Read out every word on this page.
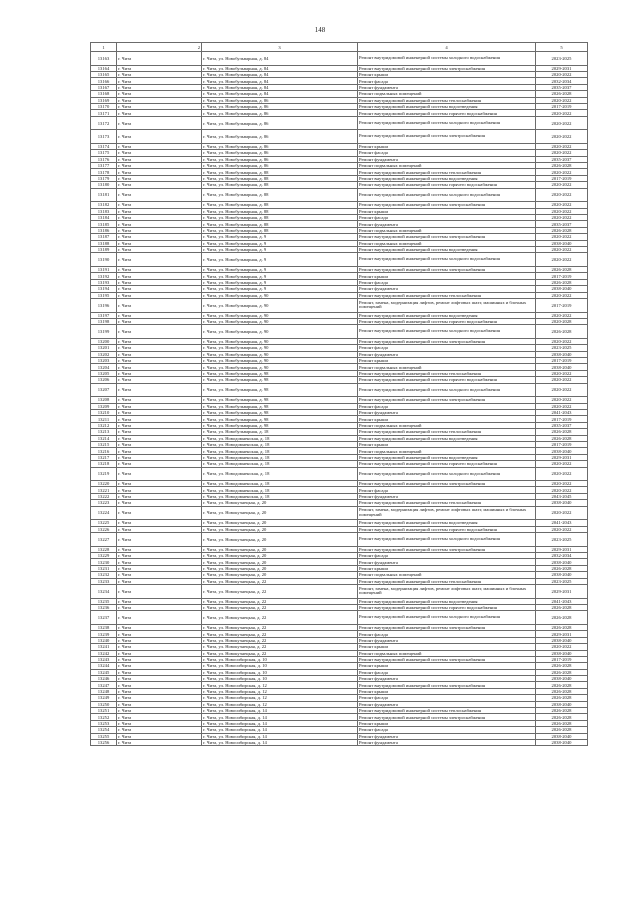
148
1	2	3	4	5
13163	г. Чита	г. Чита, ул. Новобульварная, д. 84	Ремонт внутридомовой инженерной системы холодного водоснабжения	2023-2025
13164	г. Чита	г. Чита, ул. Новобульварная, д. 84	Ремонт внутридомовой инженерной системы электроснабжения	2029-2031
13165	г. Чита	г. Чита, ул. Новобульварная, д. 84	Ремонт крыши	2020-2022
13166	г. Чита	г. Чита, ул. Новобульварная, д. 84	Ремонт фасада	2032-2034
13167	г. Чита	г. Чита, ул. Новобульварная, д. 84	Ремонт фундамента	2035-2037
13168	г. Чита	г. Чита, ул. Новобульварная, д. 84	Ремонт подвальных помещений	2026-2028
13169	г. Чита	г. Чита, ул. Новобульварная, д. 86	Ремонт внутридомовой инженерной системы теплоснабжения	2020-2022
13170	г. Чита	г. Чита, ул. Новобульварная, д. 86	Ремонт внутридомовой инженерной системы водоотведения	2017-2019
13171	г. Чита	г. Чита, ул. Новобульварная, д. 86	Ремонт внутридомовой инженерной системы горячего водоснабжения	2020-2022
13172	г. Чита	г. Чита, ул. Новобульварная, д. 86	Ремонт внутридомовой инженерной системы холодного водоснабжения	2020-2022
13173	г. Чита	г. Чита, ул. Новобульварная, д. 86	Ремонт внутридомовой инженерной системы электроснабжения	2020-2022
13174	г. Чита	г. Чита, ул. Новобульварная, д. 86	Ремонт крыши	2020-2022
13175	г. Чита	г. Чита, ул. Новобульварная, д. 86	Ремонт фасада	2020-2022
13176	г. Чита	г. Чита, ул. Новобульварная, д. 86	Ремонт фундамента	2035-2037
13177	г. Чита	г. Чита, ул. Новобульварная, д. 86	Ремонт подвальных помещений	2026-2028
13178	г. Чита	г. Чита, ул. Новобульварная, д. 88	Ремонт внутридомовой инженерной системы теплоснабжения	2020-2022
13179	г. Чита	г. Чита, ул. Новобульварная, д. 88	Ремонт внутридомовой инженерной системы водоотведения	2017-2019
13180	г. Чита	г. Чита, ул. Новобульварная, д. 88	Ремонт внутридомовой инженерной системы горячего водоснабжения	2020-2022
13181	г. Чита	г. Чита, ул. Новобульварная, д. 88	Ремонт внутридомовой инженерной системы холодного водоснабжения	2020-2022
13182	г. Чита	г. Чита, ул. Новобульварная, д. 88	Ремонт внутридомовой инженерной системы электроснабжения	2020-2022
13183	г. Чита	г. Чита, ул. Новобульварная, д. 88	Ремонт крыши	2020-2022
13184	г. Чита	г. Чита, ул. Новобульварная, д. 88	Ремонт фасада	2020-2022
13185	г. Чита	г. Чита, ул. Новобульварная, д. 88	Ремонт фундамента	2035-2037
13186	г. Чита	г. Чита, ул. Новобульварная, д. 88	Ремонт подвальных помещений	2026-2028
13187	г. Чита	г. Чита, ул. Новобульварная, д. 9	Ремонт внутридомовой инженерной системы электроснабжения	2020-2022
13188	г. Чита	г. Чита, ул. Новобульварная, д. 9	Ремонт подвальных помещений	2038-2040
13189	г. Чита	г. Чита, ул. Новобульварная, д. 9	Ремонт внутридомовой инженерной системы водоотведения	2020-2022
13190	г. Чита	г. Чита, ул. Новобульварная, д. 9	Ремонт внутридомовой инженерной системы холодного водоснабжения	2020-2022
13191	г. Чита	г. Чита, ул. Новобульварная, д. 9	Ремонт внутридомовой инженерной системы электроснабжения	2026-2028
13192	г. Чита	г. Чита, ул. Новобульварная, д. 9	Ремонт крыши	2017-2019
13193	г. Чита	г. Чита, ул. Новобульварная, д. 9	Ремонт фасада	2026-2028
13194	г. Чита	г. Чита, ул. Новобульварная, д. 9	Ремонт фундамента	2038-2040
13195	г. Чита	г. Чита, ул. Новобульварная, д. 90	Ремонт внутридомовой инженерной системы теплоснабжения	2020-2022
13196	г. Чита	г. Чита, ул. Новобульварная, д. 90	Ремонт, замена, модернизация лифтов, ремонт лифтовых шахт, машинных и блочных помещений	2017-2019
13197	г. Чита	г. Чита, ул. Новобульварная, д. 90	Ремонт внутридомовой инженерной системы водоотведения	2020-2022
13198	г. Чита	г. Чита, ул. Новобульварная, д. 90	Ремонт внутридомовой инженерной системы горячего водоснабжения	2020-2028
13199	г. Чита	г. Чита, ул. Новобульварная, д. 90	Ремонт внутридомовой инженерной системы холодного водоснабжения	2026-2028
13200	г. Чита	г. Чита, ул. Новобульварная, д. 90	Ремонт внутридомовой инженерной системы электроснабжения	2020-2022
13201	г. Чита	г. Чита, ул. Новобульварная, д. 90	Ремонт фасада	2023-2025
13202	г. Чита	г. Чита, ул. Новобульварная, д. 90	Ремонт фундамента	2038-2040
13203	г. Чита	г. Чита, ул. Новобульварная, д. 90	Ремонт крыши	2017-2019
13204	г. Чита	г. Чита, ул. Новобульварная, д. 90	Ремонт подвальных помещений	2038-2040
13205	г. Чита	г. Чита, ул. Новобульварная, д. 98	Ремонт внутридомовой инженерной системы теплоснабжения	2020-2022
13206	г. Чита	г. Чита, ул. Новобульварная, д. 98	Ремонт внутридомовой инженерной системы горячего водоснабжения	2020-2022
13207	г. Чита	г. Чита, ул. Новобульварная, д. 98	Ремонт внутридомовой инженерной системы холодного водоснабжения	2020-2022
13208	г. Чита	г. Чита, ул. Новобульварная, д. 98	Ремонт внутридомовой инженерной системы электроснабжения	2020-2022
13209	г. Чита	г. Чита, ул. Новобульварная, д. 98	Ремонт фасада	2020-2022
13210	г. Чита	г. Чита, ул. Новобульварная, д. 98	Ремонт фундамента	2041-2043
13211	г. Чита	г. Чита, ул. Новобульварная, д. 98	Ремонт крыши	2017-2019
13212	г. Чита	г. Чита, ул. Новобульварная, д. 98	Ремонт подвальных помещений	2035-2037
13213	г. Чита	г. Чита, ул. Новобульварная, д. 18	Ремонт внутридомовой инженерной системы теплоснабжения	2026-2028
13214	г. Чита	г. Чита, ул. Новодомненская, д. 18	Ремонт внутридомовой инженерной системы водоотведения	2026-2028
13215	г. Чита	г. Чита, ул. Новодомненская, д. 18	Ремонт крыши	2017-2019
13216	г. Чита	г. Чита, ул. Новодомненская, д. 18	Ремонт подвальных помещений	2038-2040
13217	г. Чита	г. Чита, ул. Новодомненская, д. 18	Ремонт внутридомовой инженерной системы водоотведения	2029-2031
13218	г. Чита	г. Чита, ул. Новодомненская, д. 18	Ремонт внутридомовой инженерной системы горячего водоснабжения	2020-2022
13219	г. Чита	г. Чита, ул. Новодомненская, д. 18	Ремонт внутридомовой инженерной системы холодного водоснабжения	2020-2022
13220	г. Чита	г. Чита, ул. Новодомненская, д. 18	Ремонт внутридомовой инженерной системы электроснабжения	2020-2022
13221	г. Чита	г. Чита, ул. Новодомненская, д. 18	Ремонт фасада	2020-2022
13222	г. Чита	г. Чита, ул. Новодомненская, д. 18	Ремонт фундамента	2043-2045
13223	г. Чита	г. Чита, ул. Новокузнецкая, д. 20	Ремонт внутридомовой инженерной системы теплоснабжения	2038-2040
13224	г. Чита	г. Чита, ул. Новокузнецкая, д. 20	Ремонт, замена, модернизация лифтов, ремонт лифтовых шахт, машинных и блочных помещений	2020-2022
13225	г. Чита	г. Чита, ул. Новокузнецкая, д. 20	Ремонт внутридомовой инженерной системы водоотведения	2041-2043
13226	г. Чита	г. Чита, ул. Новокузнецкая, д. 20	Ремонт внутридомовой инженерной системы горячего водоснабжения	2020-2022
13227	г. Чита	г. Чита, ул. Новокузнецкая, д. 20	Ремонт внутридомовой инженерной системы холодного водоснабжения	2023-2025
13228	г. Чита	г. Чита, ул. Новокузнецкая, д. 20	Ремонт внутридомовой инженерной системы электроснабжения	2029-2031
13229	г. Чита	г. Чита, ул. Новокузнецкая, д. 20	Ремонт фасада	2032-2034
13230	г. Чита	г. Чита, ул. Новокузнецкая, д. 20	Ремонт фундамента	2038-2040
13231	г. Чита	г. Чита, ул. Новокузнецкая, д. 20	Ремонт крыши	2026-2028
13232	г. Чита	г. Чита, ул. Новокузнецкая, д. 20	Ремонт подвальных помещений	2038-2040
13233	г. Чита	г. Чита, ул. Новокузнецкая, д. 22	Ремонт внутридомовой инженерной системы теплоснабжения	2023-2025
13234	г. Чита	г. Чита, ул. Новокузнецкая, д. 22	Ремонт, замена, модернизация лифтов, ремонт лифтовых шахт, машинных и блочных помещений	2029-2031
13235	г. Чита	г. Чита, ул. Новокузнецкая, д. 22	Ремонт внутридомовой инженерной системы водоотведения	2041-2043
13236	г. Чита	г. Чита, ул. Новокузнецкая, д. 22	Ремонт внутридомовой инженерной системы горячего водоснабжения	2026-2028
13237	г. Чита	г. Чита, ул. Новокузнецкая, д. 22	Ремонт внутридомовой инженерной системы холодного водоснабжения	2026-2028
13238	г. Чита	г. Чита, ул. Новокузнецкая, д. 22	Ремонт внутридомовой инженерной системы электроснабжения	2026-2028
13239	г. Чита	г. Чита, ул. Новокузнецкая, д. 22	Ремонт фасада	2029-2031
13240	г. Чита	г. Чита, ул. Новокузнецкая, д. 22	Ремонт фундамента	2038-2040
13241	г. Чита	г. Чита, ул. Новокузнецкая, д. 22	Ремонт крыши	2020-2022
13242	г. Чита	г. Чита, ул. Новокузнецкая, д. 22	Ремонт подвальных помещений	2038-2040
13243	г. Чита	г. Чита, ул. Новосибирская, д. 10	Ремонт внутридомовой инженерной системы электроснабжения	2017-2019
13244	г. Чита	г. Чита, ул. Новосибирская, д. 10	Ремонт крыши	2026-2028
13245	г. Чита	г. Чита, ул. Новосибирская, д. 10	Ремонт фасада	2026-2028
13246	г. Чита	г. Чита, ул. Новосибирская, д. 10	Ремонт фундамента	2038-2040
13247	г. Чита	г. Чита, ул. Новосибирская, д. 12	Ремонт внутридомовой инженерной системы электроснабжения	2026-2028
13248	г. Чита	г. Чита, ул. Новосибирская, д. 12	Ремонт крыши	2026-2028
13249	г. Чита	г. Чита, ул. Новосибирская, д. 12	Ремонт фасада	2026-2028
13250	г. Чита	г. Чита, ул. Новосибирская, д. 12	Ремонт фундамента	2038-2040
13251	г. Чита	г. Чита, ул. Новосибирская, д. 14	Ремонт внутридомовой инженерной системы теплоснабжения	2026-2028
13252	г. Чита	г. Чита, ул. Новосибирская, д. 14	Ремонт внутридомовой инженерной системы электроснабжения	2026-2028
13253	г. Чита	г. Чита, ул. Новосибирская, д. 14	Ремонт крыши	2026-2028
13254	г. Чита	г. Чита, ул. Новосибирская, д. 14	Ремонт фасада	2026-2028
13255	г. Чита	г. Чита, ул. Новосибирская, д. 14	Ремонт фундамента	2038-2040
13256	г. Чита	г. Чита, ул. Новосибирская, д. 14	Ремонт фундамента	2038-2040
